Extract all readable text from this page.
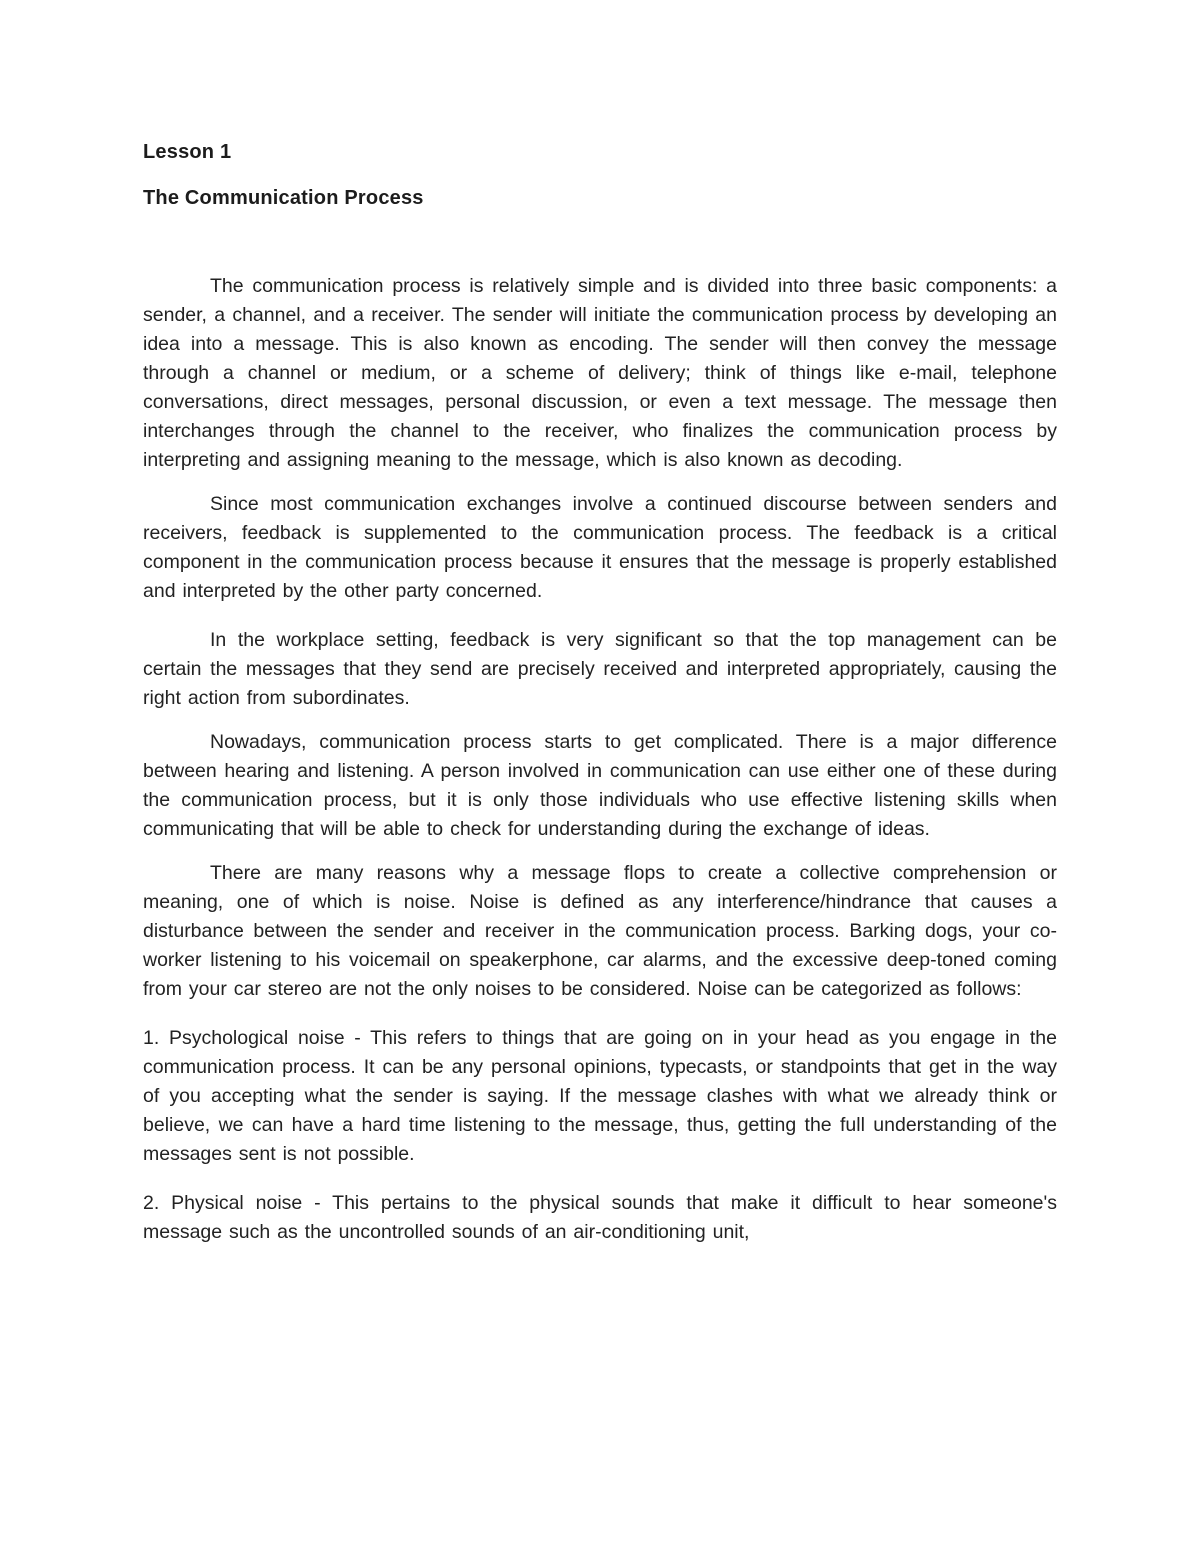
Lesson 1
The Communication Process

The communication process is relatively simple and is divided into three basic components: a sender, a channel, and a receiver. The sender will initiate the communication process by developing an idea into a message. This is also known as encoding. The sender will then convey the message through a channel or medium, or a scheme of delivery; think of things like e-mail, telephone conversations, direct messages, personal discussion, or even a text message. The message then interchanges through the channel to the receiver, who finalizes the communication process by interpreting and assigning meaning to the message, which is also known as decoding.

Since most communication exchanges involve a continued discourse between senders and receivers, feedback is supplemented to the communication process. The feedback is a critical component in the communication process because it ensures that the message is properly established and interpreted by the other party concerned.

In the workplace setting, feedback is very significant so that the top management can be certain the messages that they send are precisely received and interpreted appropriately, causing the right action from subordinates.

Nowadays, communication process starts to get complicated. There is a major difference between hearing and listening. A person involved in communication can use either one of these during the communication process, but it is only those individuals who use effective listening skills when communicating that will be able to check for understanding during the exchange of ideas.

There are many reasons why a message flops to create a collective comprehension or meaning, one of which is noise. Noise is defined as any interference/hindrance that causes a disturbance between the sender and receiver in the communication process. Barking dogs, your co-worker listening to his voicemail on speakerphone, car alarms, and the excessive deep-toned coming from your car stereo are not the only noises to be considered. Noise can be categorized as follows:

1. Psychological noise - This refers to things that are going on in your head as you engage in the communication process. It can be any personal opinions, typecasts, or standpoints that get in the way of you accepting what the sender is saying. If the message clashes with what we already think or believe, we can have a hard time listening to the message, thus, getting the full understanding of the messages sent is not possible.

2. Physical noise - This pertains to the physical sounds that make it difficult to hear someone's message such as the uncontrolled sounds of an air-conditioning unit,
